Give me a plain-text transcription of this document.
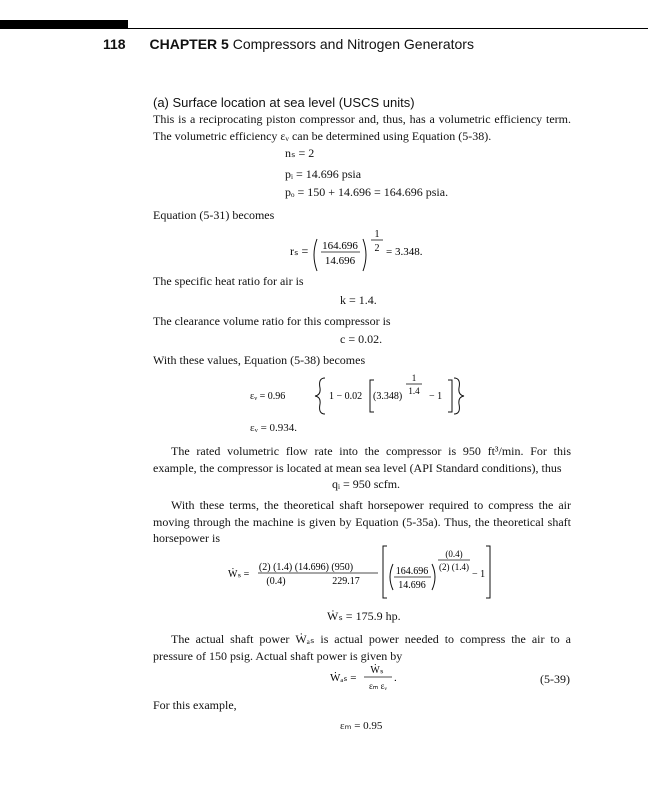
118 CHAPTER 5 Compressors and Nitrogen Generators
(a) Surface location at sea level (USCS units)
This is a reciprocating piston compressor and, thus, has a volumetric efficiency term. The volumetric efficiency εᵥ can be determined using Equation (5-38).
nₛ = 2
pᵢ = 14.696 psia
pₒ = 150 + 14.696 = 164.696 psia.
Equation (5-31) becomes
rₛ = 164.696
14.696
1
2 = 3.348.
The specific heat ratio for air is
k = 1.4.
The clearance volume ratio for this compressor is
c = 0.02.
With these values, Equation (5-38) becomes
εᵥ = 0.96	1 − 0.02 (3.348)
1
1.4 − 1
εᵥ = 0.934.
The rated volumetric flow rate into the compressor is 950 ft³/min. For this example, the compressor is located at mean sea level (API Standard conditions), thus
qᵢ = 950 scfm.
With these terms, the theoretical shaft horsepower required to compress the air moving through the machine is given by Equation (5-35a). Thus, the theoretical shaft horsepower is
Ẇₛ =
(2) (1.4) (14.696) (950)
(0.4)	229.17
164.696
14.696
(0.4)
(2) (1.4)
− 1
Ẇₛ = 175.9 hp.
The actual shaft power Ẇₐₛ is actual power needed to compress the air to a pressure of 150 psig. Actual shaft power is given by
Ẇₐₛ =
Ẇₛ
εₘ εᵥ
.	(5-39)
For this example,
εₘ = 0.95
